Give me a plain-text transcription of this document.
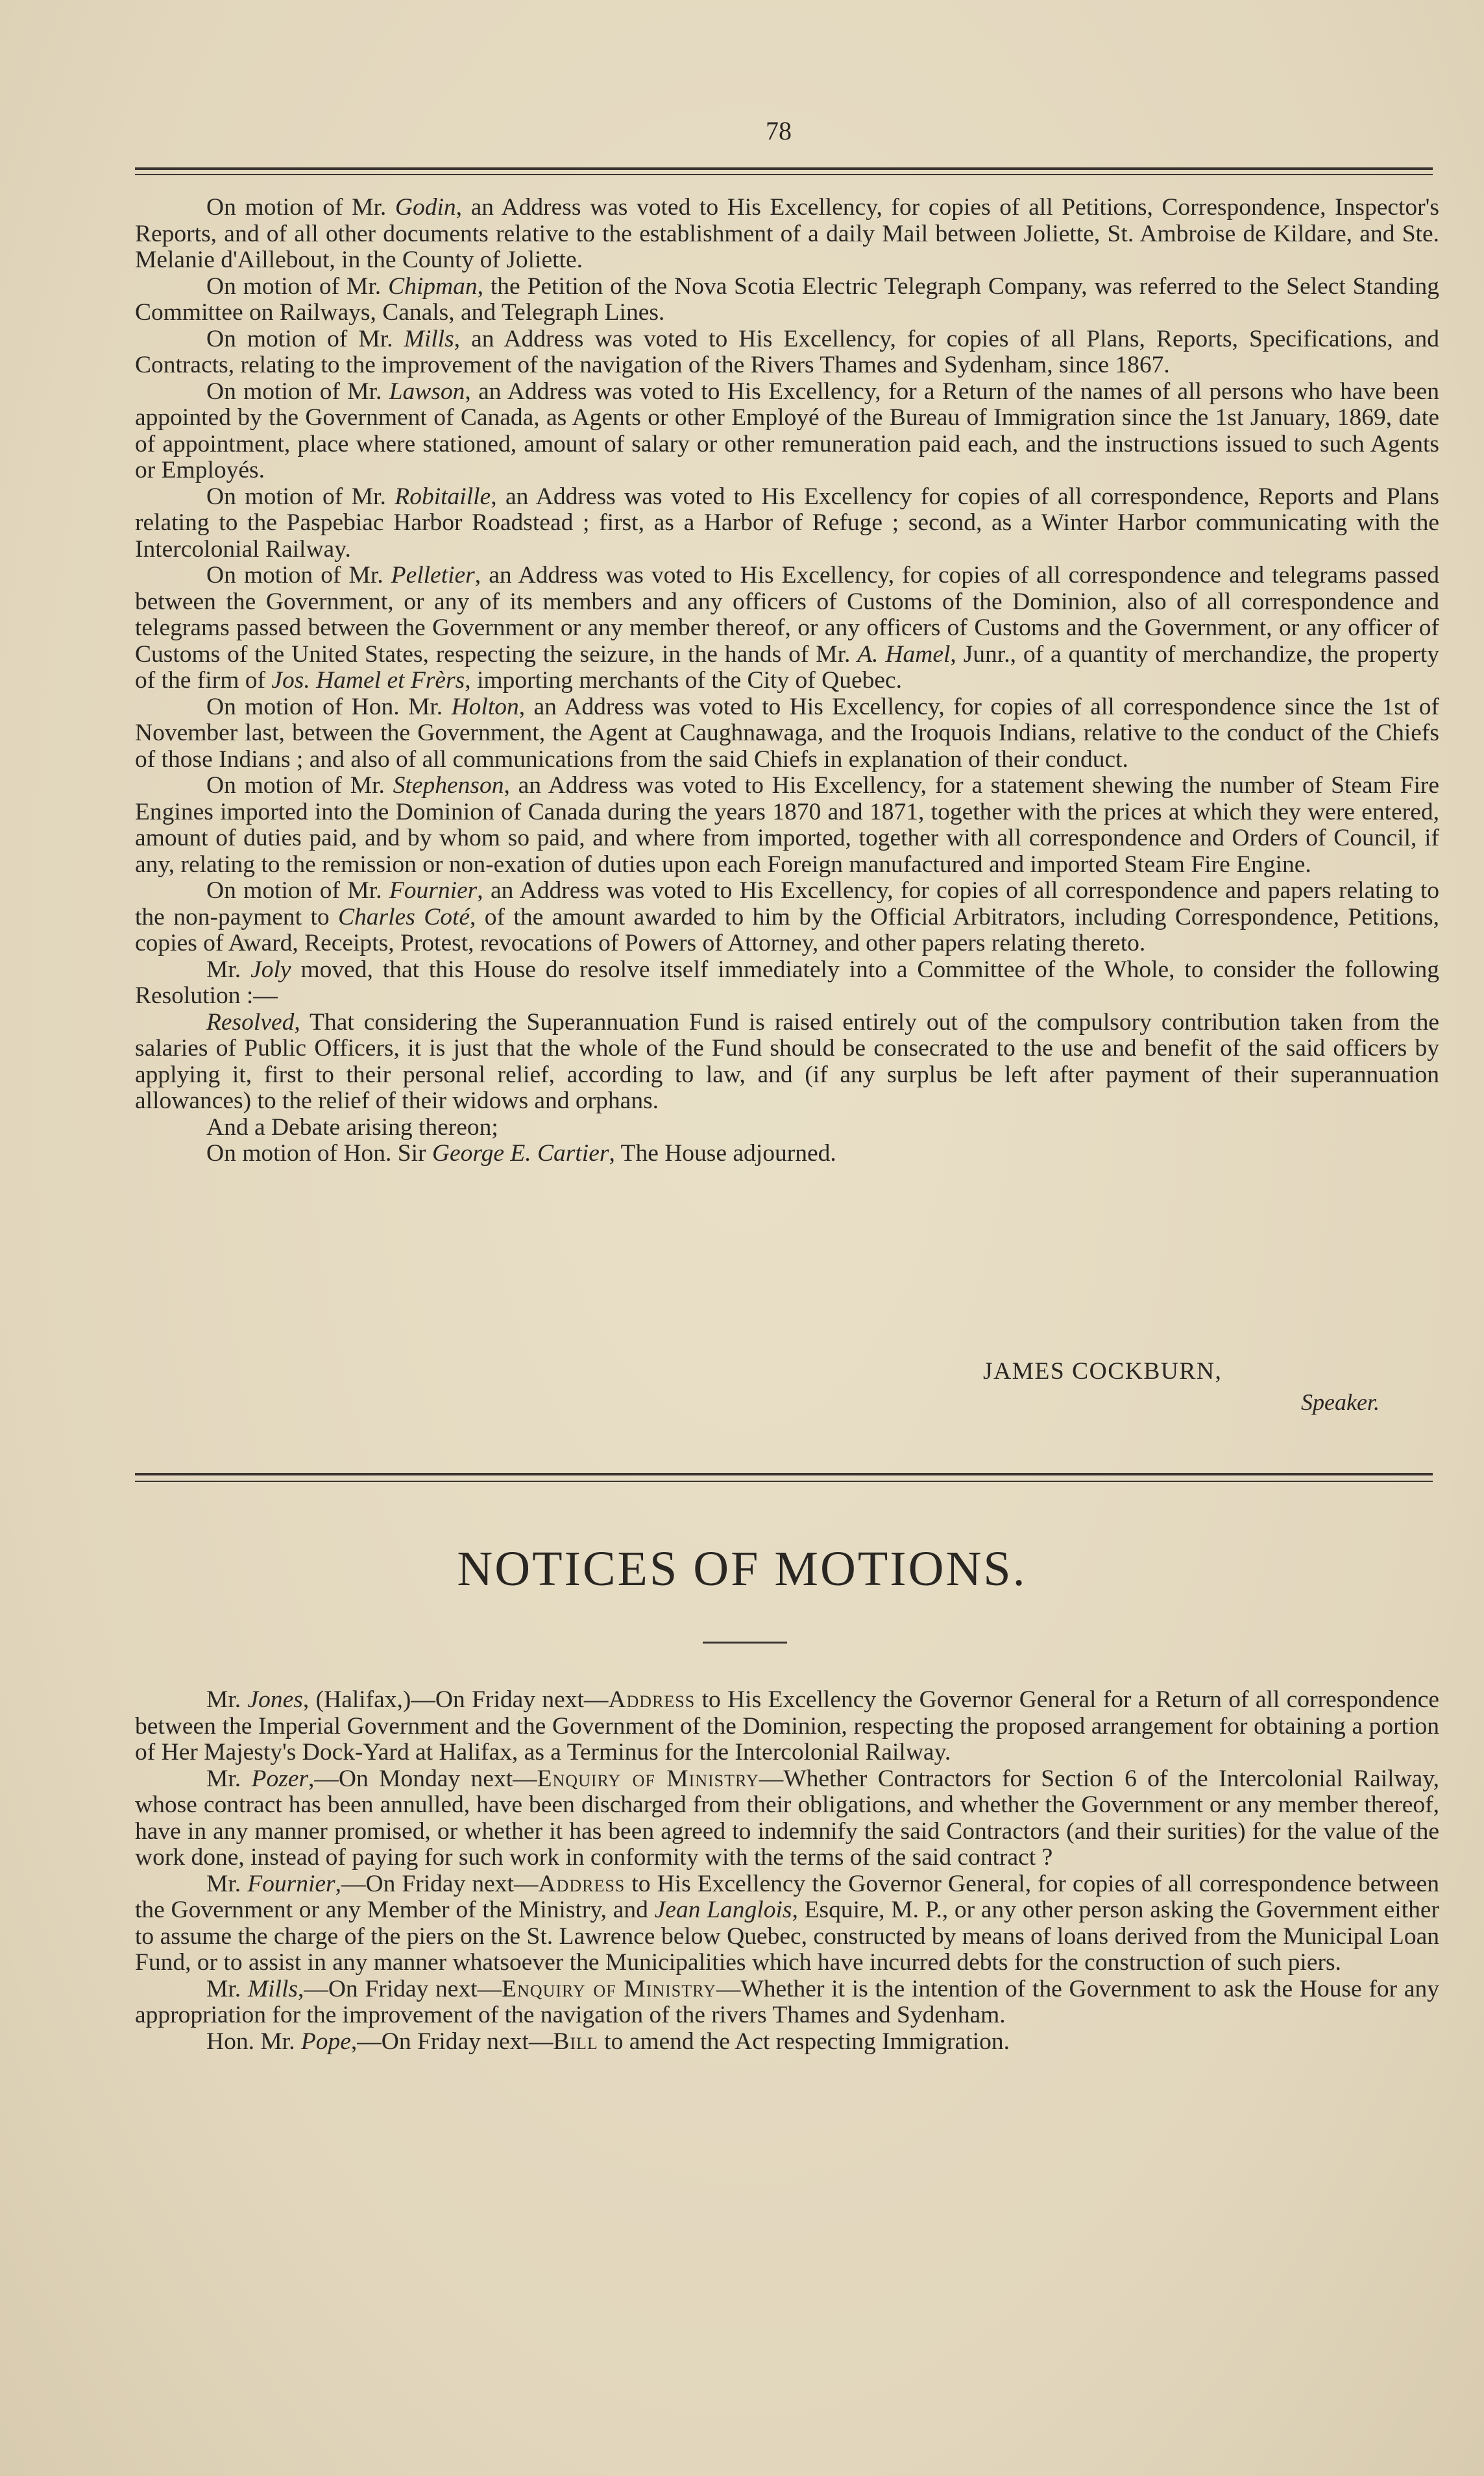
78

On motion of Mr. Godin, an Address was voted to His Excellency, for copies of all Petitions, Correspondence, Inspector's Reports, and of all other documents relative to the establishment of a daily Mail between Joliette, St. Ambroise de Kildare, and Ste. Melanie d'Aillebout, in the County of Joliette.

On motion of Mr. Chipman, the Petition of the Nova Scotia Electric Telegraph Company, was referred to the Select Standing Committee on Railways, Canals, and Telegraph Lines.

On motion of Mr. Mills, an Address was voted to His Excellency, for copies of all Plans, Reports, Specifications, and Contracts, relating to the improvement of the navigation of the Rivers Thames and Sydenham, since 1867.

On motion of Mr. Lawson, an Address was voted to His Excellency, for a Return of the names of all persons who have been appointed by the Government of Canada, as Agents or other Employé of the Bureau of Immigration since the 1st January, 1869, date of appointment, place where stationed, amount of salary or other remuneration paid each, and the instructions issued to such Agents or Employés.

On motion of Mr. Robitaille, an Address was voted to His Excellency for copies of all correspondence, Reports and Plans relating to the Paspebiac Harbor Roadstead ; first, as a Harbor of Refuge ; second, as a Winter Harbor communicating with the Intercolonial Railway.

On motion of Mr. Pelletier, an Address was voted to His Excellency, for copies of all correspondence and telegrams passed between the Government, or any of its members and any officers of Customs of the Dominion, also of all correspondence and telegrams passed between the Government or any member thereof, or any officers of Customs and the Government, or any officer of Customs of the United States, respecting the seizure, in the hands of Mr. A. Hamel, Junr., of a quantity of merchandize, the property of the firm of Jos. Hamel et Frèrs, importing merchants of the City of Quebec.

On motion of Hon. Mr. Holton, an Address was voted to His Excellency, for copies of all correspondence since the 1st of November last, between the Government, the Agent at Caughnawaga, and the Iroquois Indians, relative to the conduct of the Chiefs of those Indians ; and also of all communications from the said Chiefs in explanation of their conduct.

On motion of Mr. Stephenson, an Address was voted to His Excellency, for a statement shewing the number of Steam Fire Engines imported into the Dominion of Canada during the years 1870 and 1871, together with the prices at which they were entered, amount of duties paid, and by whom so paid, and where from imported, together with all correspondence and Orders of Council, if any, relating to the remission or non-exation of duties upon each Foreign manufactured and imported Steam Fire Engine.

On motion of Mr. Fournier, an Address was voted to His Excellency, for copies of all correspondence and papers relating to the non-payment to Charles Coté, of the amount awarded to him by the Official Arbitrators, including Correspondence, Petitions, copies of Award, Receipts, Protest, revocations of Powers of Attorney, and other papers relating thereto.

Mr. Joly moved, that this House do resolve itself immediately into a Committee of the Whole, to consider the following Resolution :—

Resolved, That considering the Superannuation Fund is raised entirely out of the compulsory contribution taken from the salaries of Public Officers, it is just that the whole of the Fund should be consecrated to the use and benefit of the said officers by applying it, first to their personal relief, according to law, and (if any surplus be left after payment of their superannuation allowances) to the relief of their widows and orphans.

And a Debate arising thereon;

On motion of Hon. Sir George E. Cartier, The House adjourned.

JAMES COCKBURN,
Speaker.
NOTICES OF MOTIONS.

Mr. Jones, (Halifax,)—On Friday next—Address to His Excellency the Governor General for a Return of all correspondence between the Imperial Government and the Government of the Dominion, respecting the proposed arrangement for obtaining a portion of Her Majesty's Dock-Yard at Halifax, as a Terminus for the Intercolonial Railway.

Mr. Pozer,—On Monday next—Enquiry of Ministry—Whether Contractors for Section 6 of the Intercolonial Railway, whose contract has been annulled, have been discharged from their obligations, and whether the Government or any member thereof, have in any manner promised, or whether it has been agreed to indemnify the said Contractors (and their surities) for the value of the work done, instead of paying for such work in conformity with the terms of the said contract ?

Mr. Fournier,—On Friday next—Address to His Excellency the Governor General, for copies of all correspondence between the Government or any Member of the Ministry, and Jean Langlois, Esquire, M. P., or any other person asking the Government either to assume the charge of the piers on the St. Lawrence below Quebec, constructed by means of loans derived from the Municipal Loan Fund, or to assist in any manner whatsoever the Municipalities which have incurred debts for the construction of such piers.

Mr. Mills,—On Friday next—Enquiry of Ministry—Whether it is the intention of the Government to ask the House for any appropriation for the improvement of the navigation of the rivers Thames and Sydenham.

Hon. Mr. Pope,—On Friday next—Bill to amend the Act respecting Immigration.
